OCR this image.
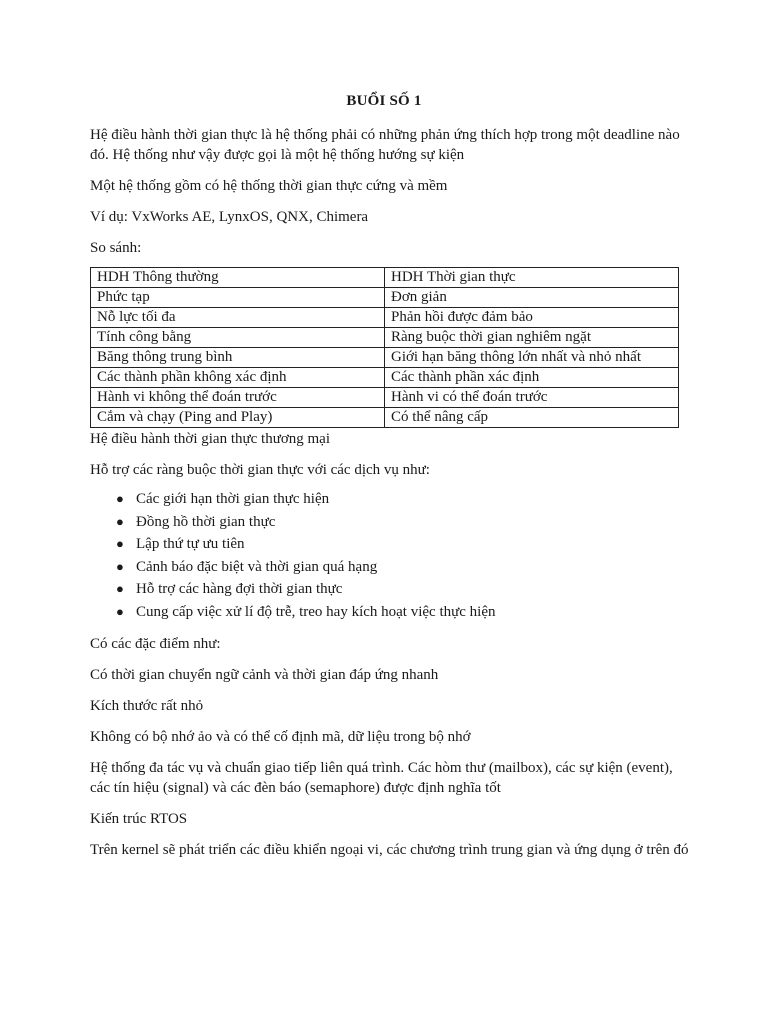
BUỔI SỐ 1

Hệ điều hành thời gian thực là hệ thống phải có những phản ứng thích hợp trong một deadline nào đó. Hệ thống như vậy được gọi là một hệ thống hướng sự kiện

Một hệ thống gồm có hệ thống thời gian thực cứng và mềm

Ví dụ: VxWorks AE, LynxOS, QNX, Chimera

So sánh:

HDH Thông thường	HDH Thời gian thực
Phức tạp	Đơn giản
Nỗ lực tối đa	Phản hồi được đảm bảo
Tính công bằng	Ràng buộc thời gian nghiêm ngặt
Băng thông trung bình	Giới hạn băng thông lớn nhất và nhỏ nhất
Các thành phần không xác định	Các thành phần xác định
Hành vi không thể đoán trước	Hành vi có thể đoán trước
Cắm và chạy (Ping and Play)	Có thể nâng cấp

Hệ điều hành thời gian thực thương mại

Hỗ trợ các ràng buộc thời gian thực với các dịch vụ như:

● Các giới hạn thời gian thực hiện
● Đồng hồ thời gian thực
● Lập thứ tự ưu tiên
● Cảnh báo đặc biệt và thời gian quá hạng
● Hỗ trợ các hàng đợi thời gian thực
● Cung cấp việc xử lí độ trễ, treo hay kích hoạt việc thực hiện

Có các đặc điểm như:

Có thời gian chuyển ngữ cảnh và thời gian đáp ứng nhanh

Kích thước rất nhỏ

Không có bộ nhớ ảo và có thể cố định mã, dữ liệu trong bộ nhớ

Hệ thống đa tác vụ và chuẩn giao tiếp liên quá trình. Các hòm thư (mailbox), các sự kiện (event), các tín hiệu (signal) và các đèn báo (semaphore) được định nghĩa tốt

Kiến trúc RTOS

Trên kernel sẽ phát triển các điều khiển ngoại vi, các chương trình trung gian và ứng dụng ở trên đó
